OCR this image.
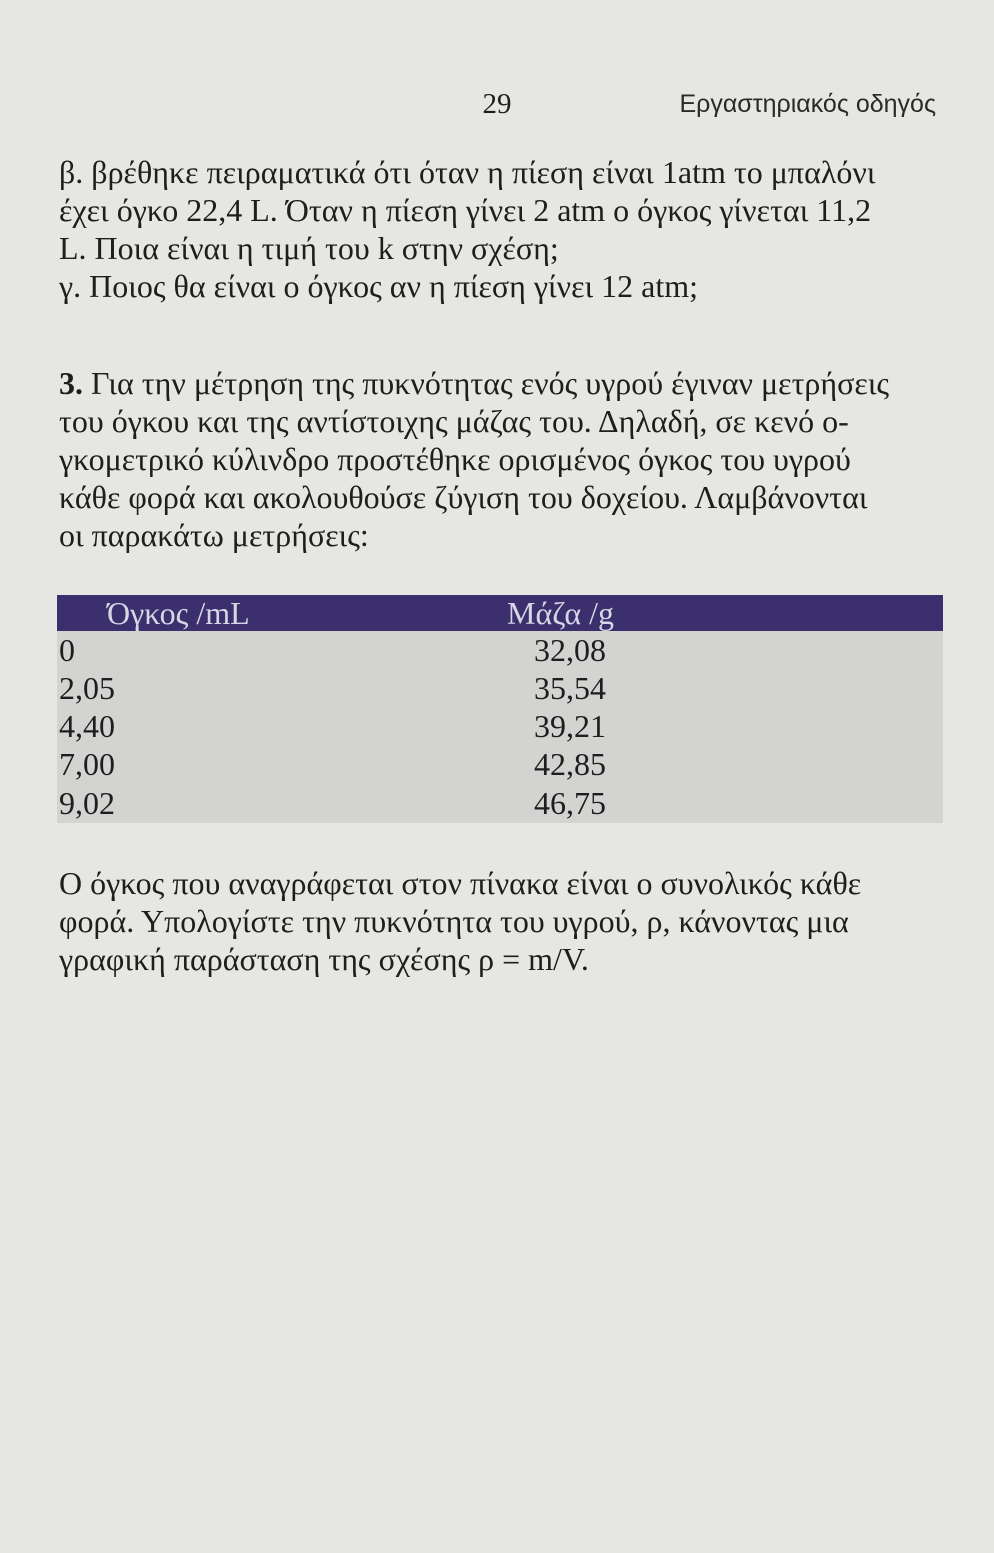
29	Εργαστηριακός οδηγός

β. βρέθηκε πειραματικά ότι όταν η πίεση είναι 1atm το μπαλόνι
έχει όγκο 22,4 L. Όταν η πίεση γίνει 2 atm ο όγκος γίνεται 11,2
L. Ποια είναι η τιμή του k στην σχέση;

γ. Ποιος θα είναι ο όγκος αν η πίεση γίνει 12 atm;

3. Για την μέτρηση της πυκνότητας ενός υγρού έγιναν μετρήσεις
του όγκου και της αντίστοιχης μάζας του. Δηλαδή, σε κενό ο-
γκομετρικό κύλινδρο προστέθηκε ορισμένος όγκος του υγρού
κάθε φορά και ακολουθούσε ζύγιση του δοχείου. Λαμβάνονται
οι παρακάτω μετρήσεις:

Όγκος /mL	Μάζα /g
0	32,08
2,05	35,54
4,40	39,21
7,00	42,85
9,02	46,75

Ο όγκος που αναγράφεται στον πίνακα είναι ο συνολικός κάθε
φορά. Υπολογίστε την πυκνότητα του υγρού, ρ, κάνοντας μια
γραφική παράσταση της σχέσης ρ = m/V.
